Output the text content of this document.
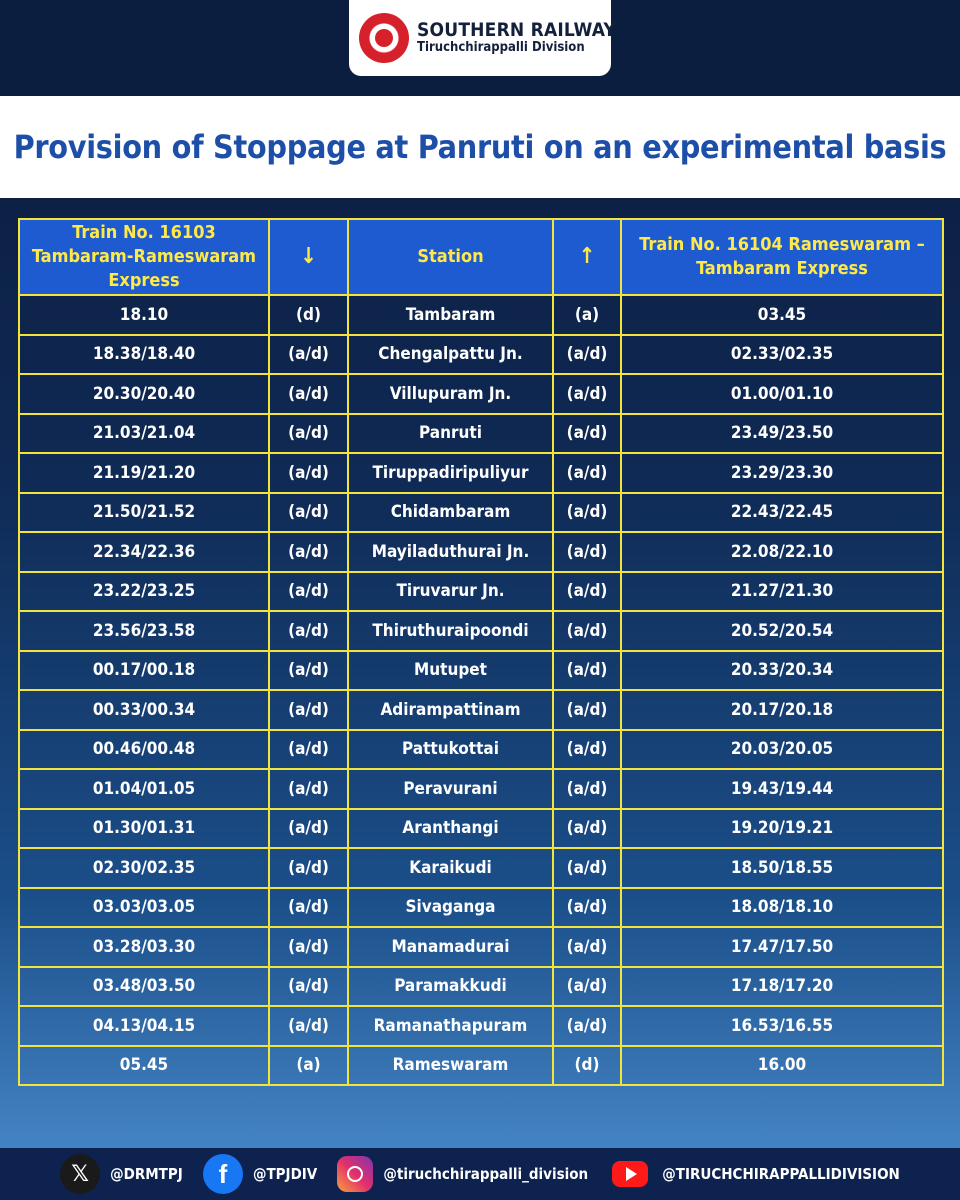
SOUTHERN RAILWAY
Tiruchchirappalli Division
Provision of Stoppage at Panruti on an experimental basis
Train No. 16103 Tambaram-Rameswaram Express	↓	Station	↑	Train No. 16104 Rameswaram – Tambaram Express
18.10	(d)	Tambaram	(a)	03.45
18.38/18.40	(a/d)	Chengalpattu Jn.	(a/d)	02.33/02.35
20.30/20.40	(a/d)	Villupuram Jn.	(a/d)	01.00/01.10
21.03/21.04	(a/d)	Panruti	(a/d)	23.49/23.50
21.19/21.20	(a/d)	Tiruppadiripuliyur	(a/d)	23.29/23.30
21.50/21.52	(a/d)	Chidambaram	(a/d)	22.43/22.45
22.34/22.36	(a/d)	Mayiladuthurai Jn.	(a/d)	22.08/22.10
23.22/23.25	(a/d)	Tiruvarur Jn.	(a/d)	21.27/21.30
23.56/23.58	(a/d)	Thiruthuraipoondi	(a/d)	20.52/20.54
00.17/00.18	(a/d)	Mutupet	(a/d)	20.33/20.34
00.33/00.34	(a/d)	Adirampattinam	(a/d)	20.17/20.18
00.46/00.48	(a/d)	Pattukottai	(a/d)	20.03/20.05
01.04/01.05	(a/d)	Peravurani	(a/d)	19.43/19.44
01.30/01.31	(a/d)	Aranthangi	(a/d)	19.20/19.21
02.30/02.35	(a/d)	Karaikudi	(a/d)	18.50/18.55
03.03/03.05	(a/d)	Sivaganga	(a/d)	18.08/18.10
03.28/03.30	(a/d)	Manamadurai	(a/d)	17.47/17.50
03.48/03.50	(a/d)	Paramakkudi	(a/d)	17.18/17.20
04.13/04.15	(a/d)	Ramanathapuram	(a/d)	16.53/16.55
05.45	(a)	Rameswaram	(d)	16.00
𝕏	@DRMTPJ	f	@TPJDIV	@tiruchchirappalli_division	@TIRUCHCHIRAPPALLIDIVISION
